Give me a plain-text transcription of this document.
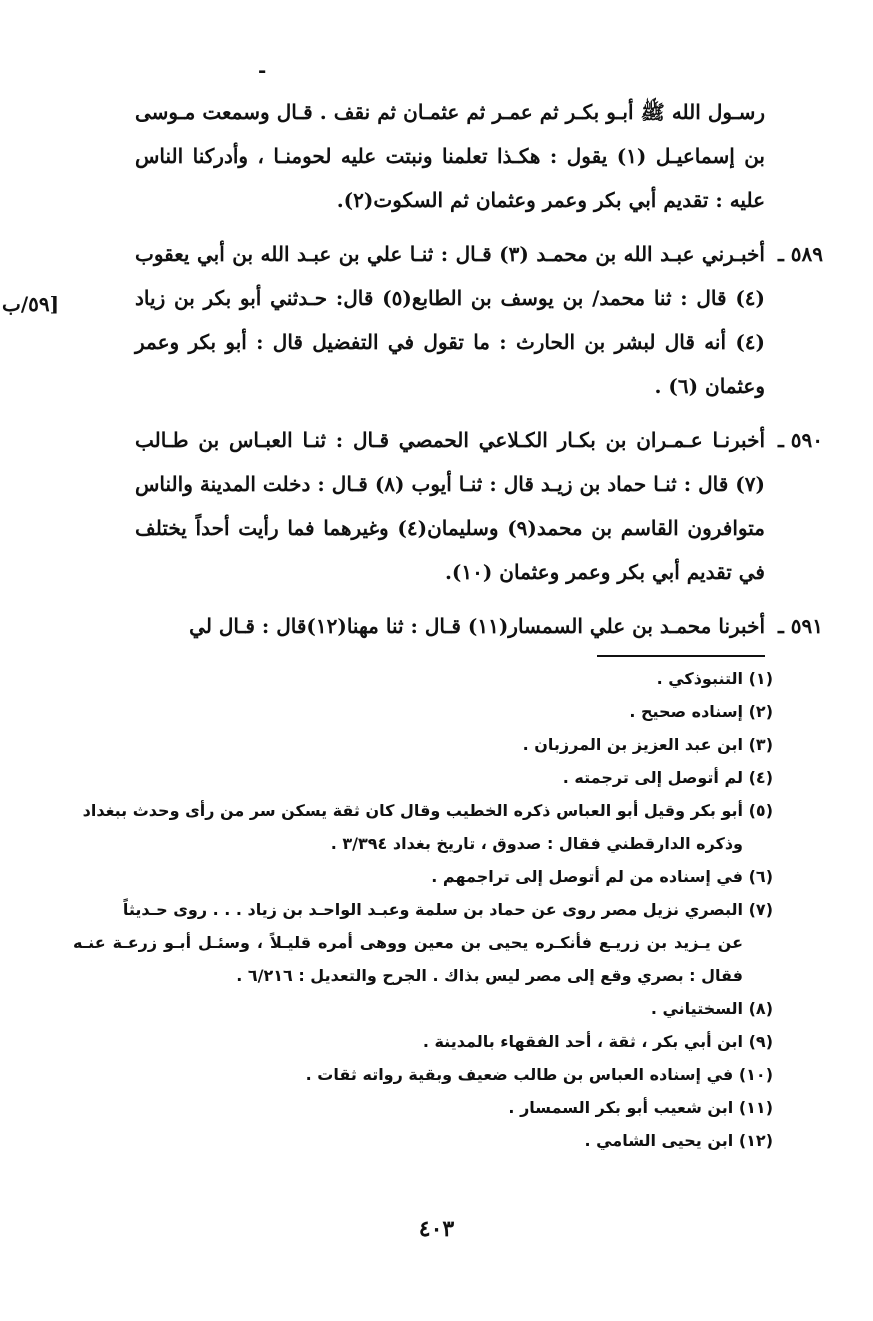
-

رسـول الله ﷺ أبـو بكـر ثم عمـر ثم عثمـان ثم نقف . قـال وسمعت مـوسى بن إسماعيـل (١) يقول : هكـذا تعلمنا ونبتت عليه لحومنـا ، وأدركنا الناس عليه : تقديم أبي بكر وعمر وعثمان ثم السكوت(٢).

٥٨٩ ـ

أخبـرني عبـد الله بن محمـد (٣) قـال : ثنـا علي بن عبـد الله بن أبي يعقوب (٤) قال : ثنا محمد/ بن يوسف بن الطابع(٥) قال: حـدثني أبو بكر بن زياد (٤) أنه قال لبشر بن الحارث : ما تقول في التفضيل قال : أبو بكر وعمر وعثمان (٦) .

٥٩٠ ـ

أخبرنـا عـمـران بن بكـار الكـلاعي الحمصي قـال : ثنـا العبـاس بن طـالب (٧) قال : ثنـا حماد بن زيـد قال : ثنـا أيوب (٨) قـال : دخلت المدينة والناس متوافرون القاسم بن محمد(٩) وسليمان(٤) وغيرهما فما رأيت أحداً يختلف في تقديم أبي بكر وعمر وعثمان (١٠).

٥٩١ ـ

أخبرنا محمـد بن علي السمسار(١١) قـال : ثنا مهنا(١٢)قال : قـال لي

[٥٩/ب

(١) التنبوذكي .

(٢) إسناده صحيح .

(٣) ابن عبد العزيز بن المرزبان .

(٤) لم أتوصل إلى ترجمته .

(٥) أبو بكر وقيل أبو العباس ذكره الخطيب وقال كان ثقة يسكن سر من رأى وحدث ببغداد
وذكره الدارقطني فقال : صدوق ، تاريخ بغداد ٣/٣٩٤ .

(٦) في إسناده من لم أتوصل إلى تراجمهم .

(٧) البصري نزيل مصر روى عن حماد بن سلمة وعبـد الواحـد بن زياد . . . روى حـديثاً
عن يـزيد بن زريـع فأنكـره يحيى بن معين ووهى أمره قليـلاً ، وسئـل أبـو زرعـة عنـه فقال : بصري وقع إلى مصر ليس بذاك . الجرح والتعديل : ٦/٢١٦ .

(٨) السختياني .

(٩) ابن أبي بكر ، ثقة ، أحد الفقهاء بالمدينة .

(١٠) في إسناده العباس بن طالب ضعيف وبقية رواته ثقات .

(١١) ابن شعيب أبو بكر السمسار .

(١٢) ابن يحيى الشامي .

٤٠٣
